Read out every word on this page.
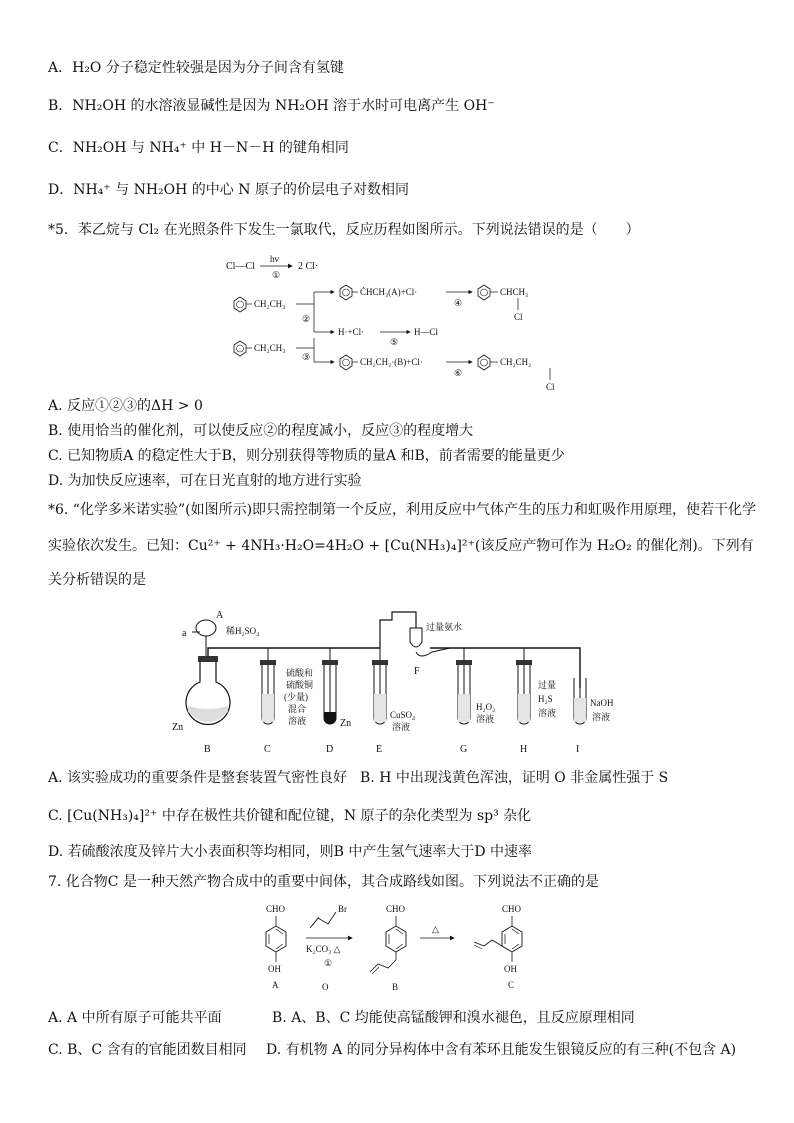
A．H₂O 分子稳定性较强是因为分子间含有氢键
B．NH₂OH 的水溶液显碱性是因为 NH₂OH 溶于水时可电离产生 OH⁻
C．NH₂OH 与 NH₄⁺ 中 H－N－H 的键角相同
D．NH₄⁺ 与 NH₂OH 的中心 N 原子的价层电子对数相同
*5．苯乙烷与 Cl₂ 在光照条件下发生一氯取代，反应历程如图所示。下列说法错误的是（　　）
Cl—Cl
hv
①
2 Cl·
CH₂CH₃
②
ĊHCH₃(A)+Cl·
④
CHCH₃
Cl
H·+Cl·
⑤
H—Cl
CH₂CH₃
③	CH₂CH₂·(B)+Cl·
⑥
CH₂CH₂
Cl
A. 反应①②③的ΔH > 0
B. 使用恰当的催化剂，可以使反应②的程度减小，反应③的程度增大
C. 已知物质A 的稳定性大于B，则分别获得等物质的量A 和B，前者需要的能量更少
D. 为加快反应速率，可在日光直射的地方进行实验
*6. “化学多米诺实验”(如图所示)即只需控制第一个反应，利用反应中气体产生的压力和虹吸作用原理，使若干化学
实验依次发生。已知：Cu²⁺ + 4NH₃·H₂O=4H₂O + [Cu(NH₃)₄]²⁺(该反应产物可作为 H₂O₂ 的催化剂)。下列有
关分析错误的是
A
a	稀H₂SO₄
Zn
B	C
硫酸和
硫酸铜
(少量)
混合
溶液	Zn
D	E
CuSO₄
溶液
过量氨水
F
G
H₂O₂
溶液
H
过量
H₂S
溶液
I
NaOH
溶液
A. 该实验成功的重要条件是整套装置气密性良好 B. H 中出现浅黄色浑浊，证明 O 非金属性强于 S
C. [Cu(NH₃)₄]²⁺ 中存在极性共价键和配位键，N 原子的杂化类型为 sp³ 杂化
D. 若硫酸浓度及锌片大小表面积等均相同，则B 中产生氢气速率大于D 中速率
7. 化合物C 是一种天然产物合成中的重要中间体，其合成路线如图。下列说法不正确的是
CHO
OH
A
Br
K₂CO₃ △
①
O
CHO
B
△
CHO
OH
C
A. A 中所有原子可能共平面	B. A、B、C 均能使高锰酸钾和溴水褪色，且反应原理相同
C. B、C 含有的官能团数目相同 D. 有机物 A 的同分异构体中含有苯环且能发生银镜反应的有三种(不包含 A)
